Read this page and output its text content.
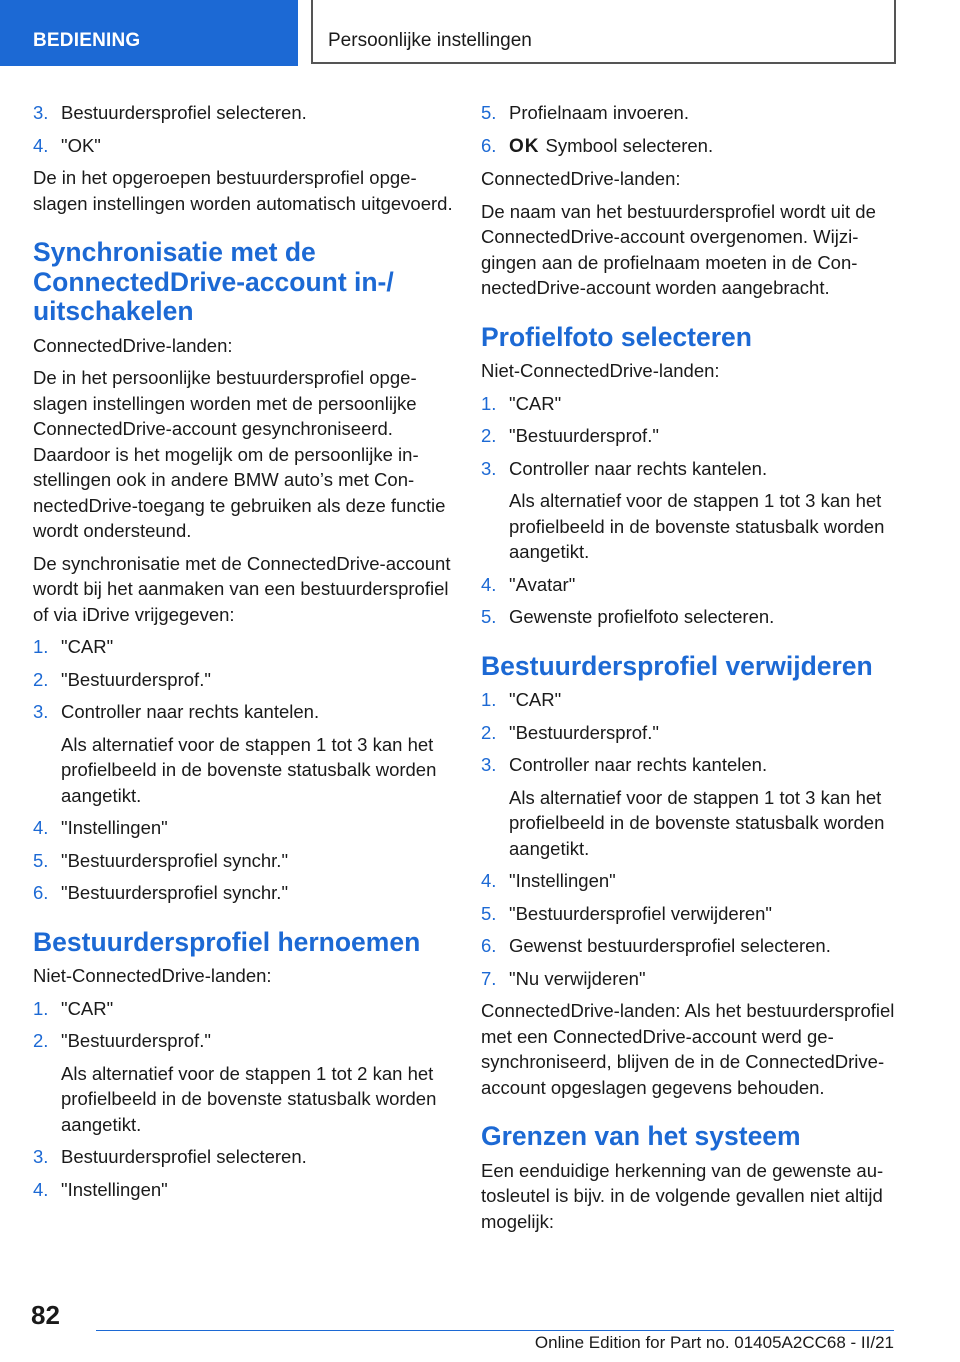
BEDIENING	Persoonlijke instellingen
3. Bestuurdersprofiel selecteren.
4. "OK"

De in het opgeroepen bestuurdersprofiel opgeslagen instellingen worden automatisch uitgevoerd.

Synchronisatie met de ConnectedDrive-account in-/ uitschakelen

ConnectedDrive-landen:

De in het persoonlijke bestuurdersprofiel opgeslagen instellingen worden met de persoonlijke ConnectedDrive-account gesynchroniseerd. Daardoor is het mogelijk om de persoonlijke instellingen ook in andere BMW auto’s met ConnectedDrive-toegang te gebruiken als deze functie wordt ondersteund.

De synchronisatie met de ConnectedDrive-account wordt bij het aanmaken van een bestuurdersprofiel of via iDrive vrijgegeven:

1. "CAR"
2. "Bestuurdersprof."
3. Controller naar rechts kantelen.
Als alternatief voor de stappen 1 tot 3 kan het profielbeeld in de bovenste statusbalk worden aangetikt.
4. "Instellingen"
5. "Bestuurdersprofiel synchr."
6. "Bestuurdersprofiel synchr."
Bestuurdersprofiel hernoemen

Niet-ConnectedDrive-landen:

1. "CAR"
2. "Bestuurdersprof."
Als alternatief voor de stappen 1 tot 2 kan het profielbeeld in de bovenste statusbalk worden aangetikt.
3. Bestuurdersprofiel selecteren.
4. "Instellingen"
5. Profielnaam invoeren.
6. OK Symbool selecteren.

ConnectedDrive-landen:

De naam van het bestuurdersprofiel wordt uit de ConnectedDrive-account overgenomen. Wijzigingen aan de profielnaam moeten in de ConnectedDrive-account worden aangebracht.

Profielfoto selecteren

Niet-ConnectedDrive-landen:

1. "CAR"
2. "Bestuurdersprof."
3. Controller naar rechts kantelen.
Als alternatief voor de stappen 1 tot 3 kan het profielbeeld in de bovenste statusbalk worden aangetikt.
4. "Avatar"
5. Gewenste profielfoto selecteren.
Bestuurdersprofiel verwijderen
1. "CAR"
2. "Bestuurdersprof."
3. Controller naar rechts kantelen.
Als alternatief voor de stappen 1 tot 3 kan het profielbeeld in de bovenste statusbalk worden aangetikt.
4. "Instellingen"
5. "Bestuurdersprofiel verwijderen"
6. Gewenst bestuurdersprofiel selecteren.
7. "Nu verwijderen"

ConnectedDrive-landen: Als het bestuurdersprofiel met een ConnectedDrive-account werd gesynchroniseerd, blijven de in de ConnectedDrive-account opgeslagen gegevens behouden.

Grenzen van het systeem

Een eenduidige herkenning van de gewenste autosleutel is bijv. in de volgende gevallen niet altijd mogelijk:

82
Online Edition for Part no. 01405A2CC68 - II/21
